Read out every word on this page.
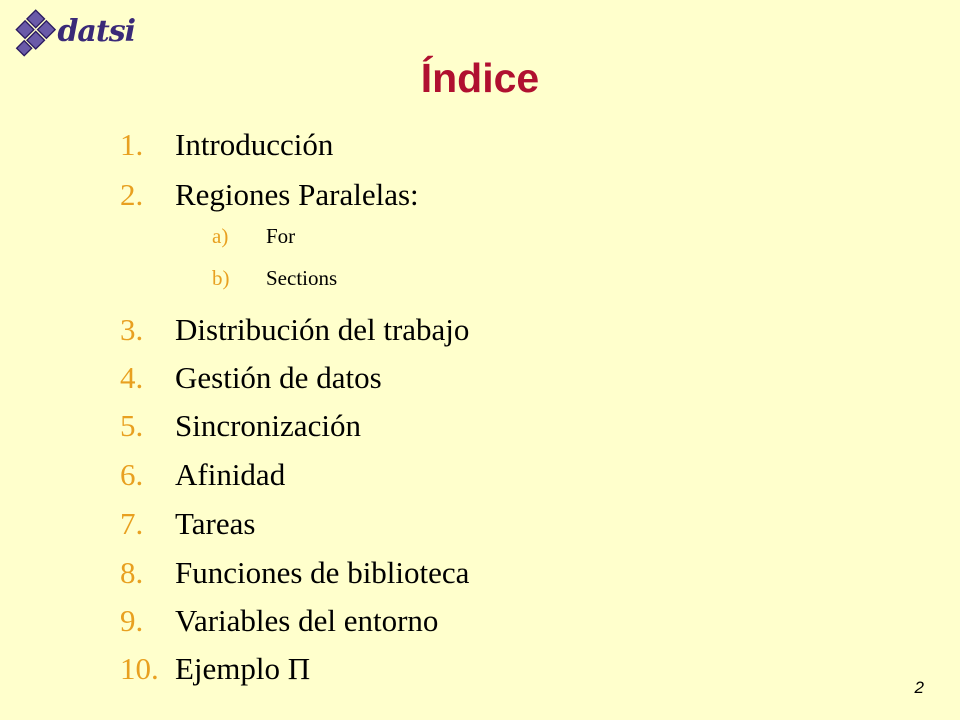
datsi
Índice
1. Introducción
2. Regiones Paralelas:
a) For
b) Sections
3. Distribución del trabajo
4. Gestión de datos
5. Sincronización
6. Afinidad
7. Tareas
8. Funciones de biblioteca
9. Variables del entorno
10. Ejemplo Π
2
